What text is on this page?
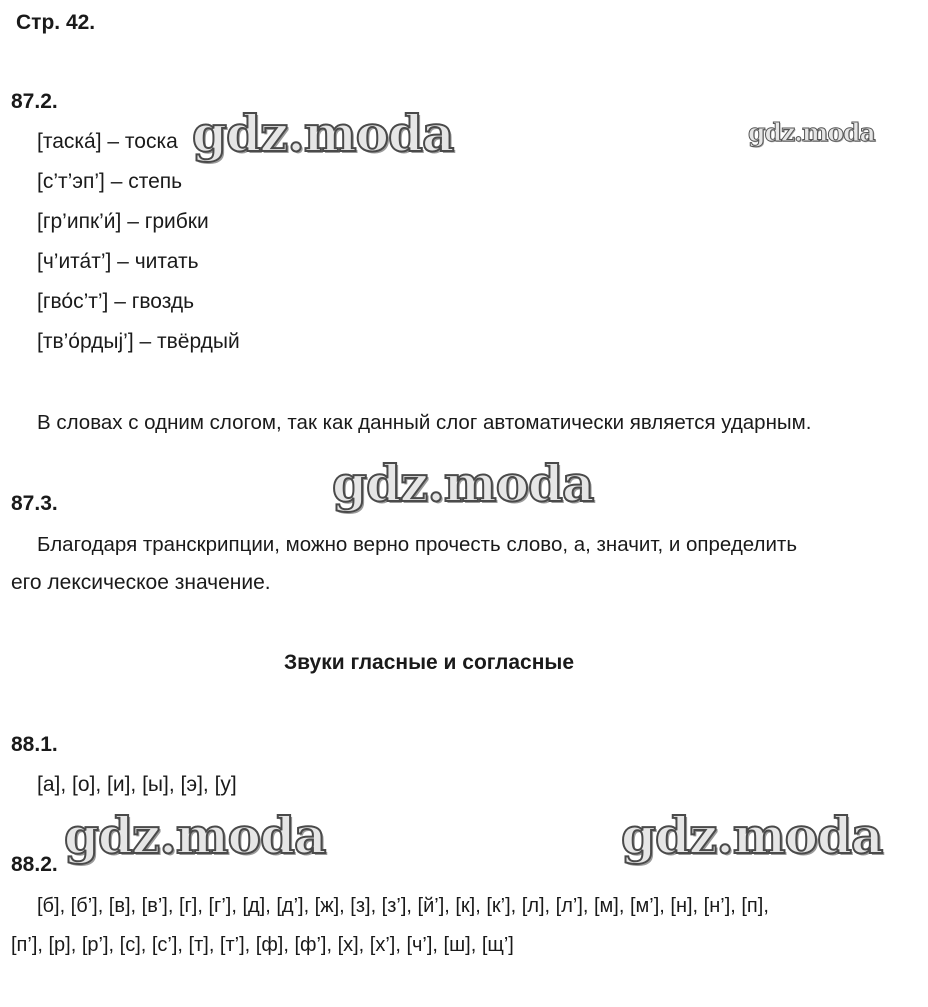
Стр. 42.
87.2.
[таска́] – тоска
[с’т’эп’] – степь
[гр’ипк’и́] – грибки
[ч’ита́т’] – читать
[гво́с’т’] – гвоздь
[тв’о́рдыј’] – твёрдый
В словах с одним слогом, так как данный слог автоматически является ударным.
87.3.
Благодаря транскрипции, можно верно прочесть слово, а, значит, и определить
его лексическое значение.
Звуки гласные и согласные
88.1.
[а], [о], [и], [ы], [э], [у]
88.2.
[б], [б’], [в], [в’], [г], [г’], [д], [д’], [ж], [з], [з’], [й’], [к], [к’], [л], [л’], [м], [м’], [н], [н’], [п],
[п’], [р], [р’], [с], [с’], [т], [т’], [ф], [ф’], [х], [х’], [ч’], [ш], [щ’]
gdz.moda	gdz.moda
gdz.moda
gdz.moda	gdz.moda
